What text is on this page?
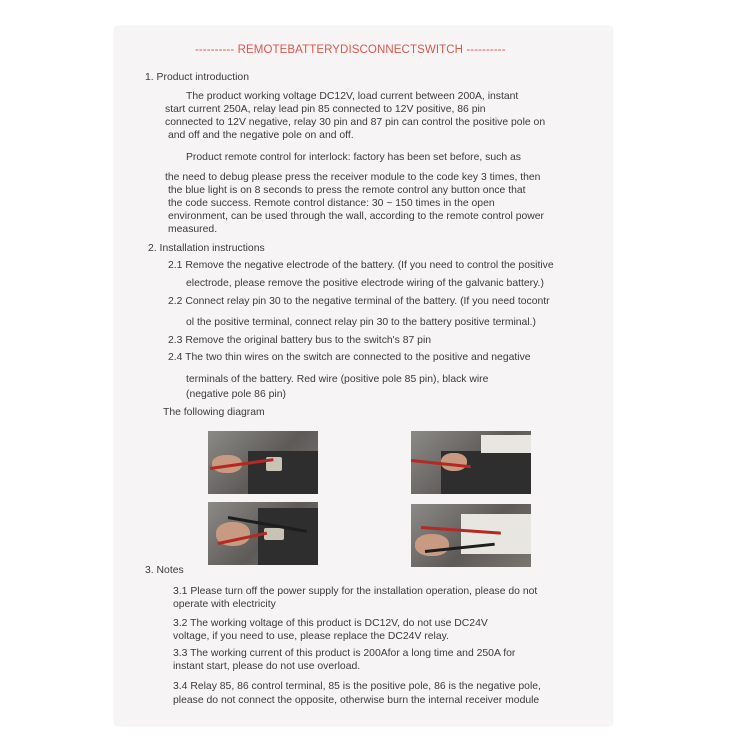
---------- REMOTEBATTERYDISCONNECTSWITCH ----------
1. Product introduction
The product working voltage DC12V, load current between 200A, instant
start current 250A, relay lead pin 85 connected to 12V positive, 86 pin
connected to 12V negative, relay 30 pin and 87 pin can control the positive pole on
and off and the negative pole on and off.
Product remote control for interlock: factory has been set before, such as
the need to debug please press the receiver module to the code key 3 times, then
the blue light is on 8 seconds to press the remote control any button once that
the code success. Remote control distance: 30 ~ 150 times in the open
environment, can be used through the wall, according to the remote control power
measured.
2. Installation instructions
2.1 Remove the negative electrode of the battery. (If you need to control the positive
electrode, please remove the positive electrode wiring of the galvanic battery.)
2.2 Connect relay pin 30 to the negative terminal of the battery. (If you need tocontr
ol the positive terminal, connect relay pin 30 to the battery positive terminal.)
2.3 Remove the original battery bus to the switch's 87 pin
2.4 The two thin wires on the switch are connected to the positive and negative
terminals of the battery. Red wire (positive pole 85 pin), black wire
(negative pole 86 pin)
The following diagram
3. Notes
3.1 Please turn off the power supply for the installation operation, please do not
operate with electricity
3.2 The working voltage of this product is DC12V, do not use DC24V
voltage, if you need to use, please replace the DC24V relay.
3.3 The working current of this product is 200Afor a long time and 250A for
instant start, please do not use overload.
3.4 Relay 85, 86 control terminal, 85 is the positive pole, 86 is the negative pole,
please do not connect the opposite, otherwise burn the internal receiver module
